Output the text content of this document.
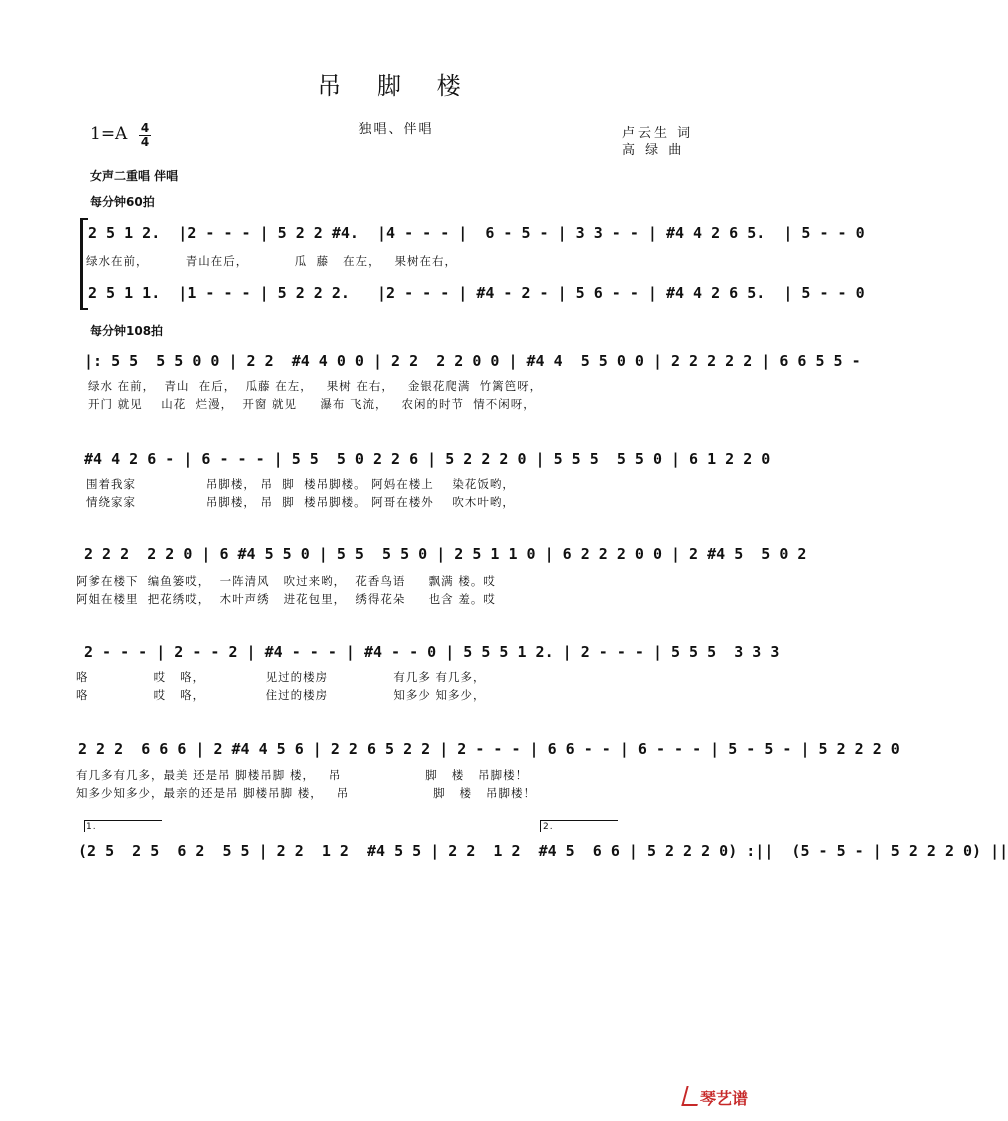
吊 脚 楼
独唱、伴唱	卢云生 词
高 绿 曲
1=A 4
4
女声二重唱 伴唱
每分钟60拍
2 5 1 2.  |2 - - - | 5 2 2 #4.  |4 - - - |  6 - 5 - | 3 3 - - | #4 4 2 6 5.  | 5 - - 0
绿水在前，        青山在后，          瓜  藤   在左，   果树在右，
2 5 1 1.  |1 - - - | 5 2 2 2.   |2 - - - | #4 - 2 - | 5 6 - - | #4 4 2 6 5.  | 5 - - 0
每分钟108拍
|: 5 5  5 5 0 0 | 2 2  #4 4 0 0 | 2 2  2 2 0 0 | #4 4  5 5 0 0 | 2 2 2 2 2 | 6 6 5 5 -
绿水 在前，  青山  在后，  瓜藤 在左，   果树 在右，   金银花爬满  竹篱笆呀，
开门 就见    山花  烂漫，  开窗 就见     瀑布 飞流，   农闲的时节  情不闲呀，
#4 4 2 6 - | 6 - - - | 5 5  5 0 2 2 6 | 5 2 2 2 0 | 5 5 5  5 5 0 | 6 1 2 2 0
围着我家               吊脚楼， 吊  脚  楼吊脚楼。 阿妈在楼上    染花饭哟，
情绕家家               吊脚楼， 吊  脚  楼吊脚楼。 阿哥在楼外    吹木叶哟，
2 2 2  2 2 0 | 6 #4 5 5 0 | 5 5  5 5 0 | 2 5 1 1 0 | 6 2 2 2 0 0 | 2 #4 5  5 0 2
阿爹在楼下  编鱼篓哎，  一阵清风   吹过来哟，  花香鸟语     飘满 楼。哎
阿姐在楼里  把花绣哎，  木叶声绣   进花包里，  绣得花朵     也含 羞。哎
2 - - - | 2 - - 2 | #4 - - - | #4 - - 0 | 5 5 5 1 2. | 2 - - - | 5 5 5  3 3 3
咯              哎   咯，             见过的楼房              有几多 有几多，
咯              哎   咯，             住过的楼房              知多少 知多少，
2 2 2  6 6 6 | 2 #4 4 5 6 | 2 2 6 5 2 2 | 2 - - - | 6 6 - - | 6 - - - | 5 - 5 - | 5 2 2 2 0
有几多有几多，最美 还是吊 脚楼吊脚 楼，   吊                  脚   楼   吊脚楼！
知多少知多少，最亲的还是吊 脚楼吊脚 楼，   吊                  脚   楼   吊脚楼！
1.	2.
(2 5  2 5  6 2  5 5 | 2 2  1 2  #4 5 5 | 2 2  1 2  #4 5  6 6 | 5 2 2 2 0) :||  (5 - 5 - | 5 2 2 2 0) ||
琴艺谱
